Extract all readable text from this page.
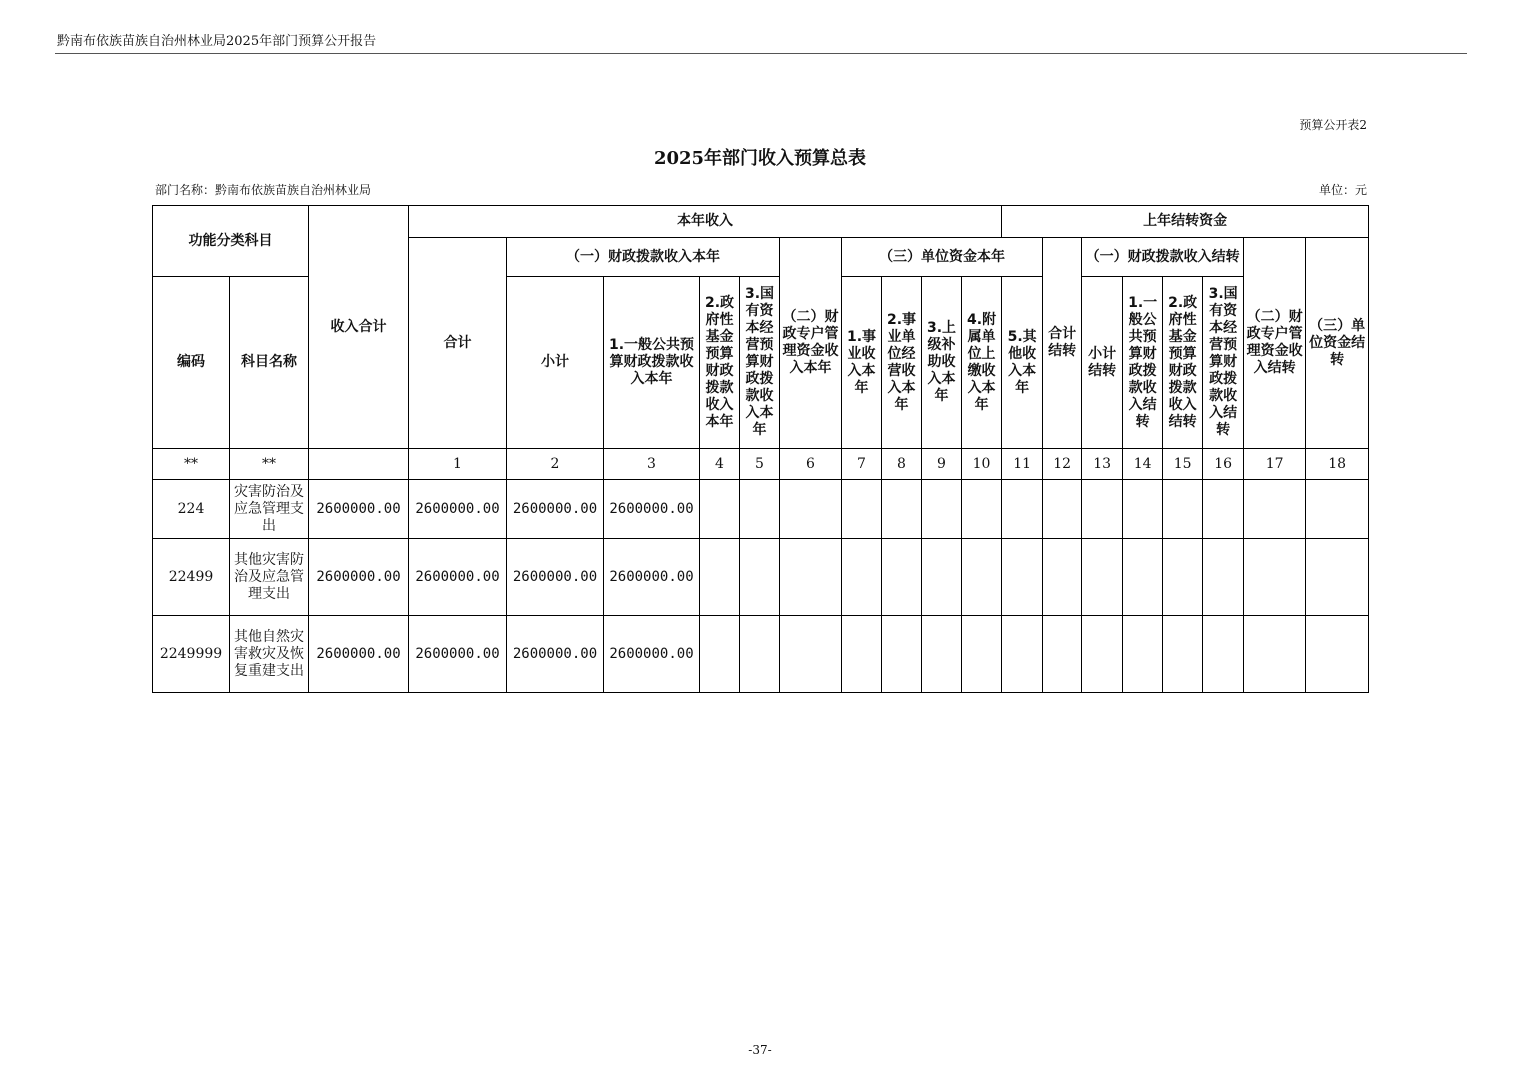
黔南布依族苗族自治州林业局2025年部门预算公开报告
预算公开表2
2025年部门收入预算总表
部门名称：黔南布依族苗族自治州林业局	单位：元
功能分类科目		收入合计	本年收入										上年结转资金							
			合计	（一）财政拨款收入本年				（二）财政专户管理资金收入本年	（三）单位资金本年					合计结转	（一）财政拨款收入结转				（二）财政专户管理资金收入结转	（三）单位资金结转
编码	科目名称			小计	1.一般公共预算财政拨款收入本年	2.政府性基金预算财政拨款收入本年	3.国有资本经营预算财政拨款收入本年		1.事业收入本年	2.事业单位经营收入本年	3.上级补助收入本年	4.附属单位上缴收入本年	5.其他收入本年		小计结转	1.一般公共预算财政拨款收入结转	2.政府性基金预算财政拨款收入结转	3.国有资本经营预算财政拨款收入结转		
**	**		1	2	3	4	5	6	7	8	9	10	11	12	13	14	15	16	17	18
224	灾害防治及应急管理支出	2600000.00	2600000.00	2600000.00	2600000.00															
22499	其他灾害防治及应急管理支出	2600000.00	2600000.00	2600000.00	2600000.00															
2249999	其他自然灾害救灾及恢复重建支出	2600000.00	2600000.00	2600000.00	2600000.00															
-37-
